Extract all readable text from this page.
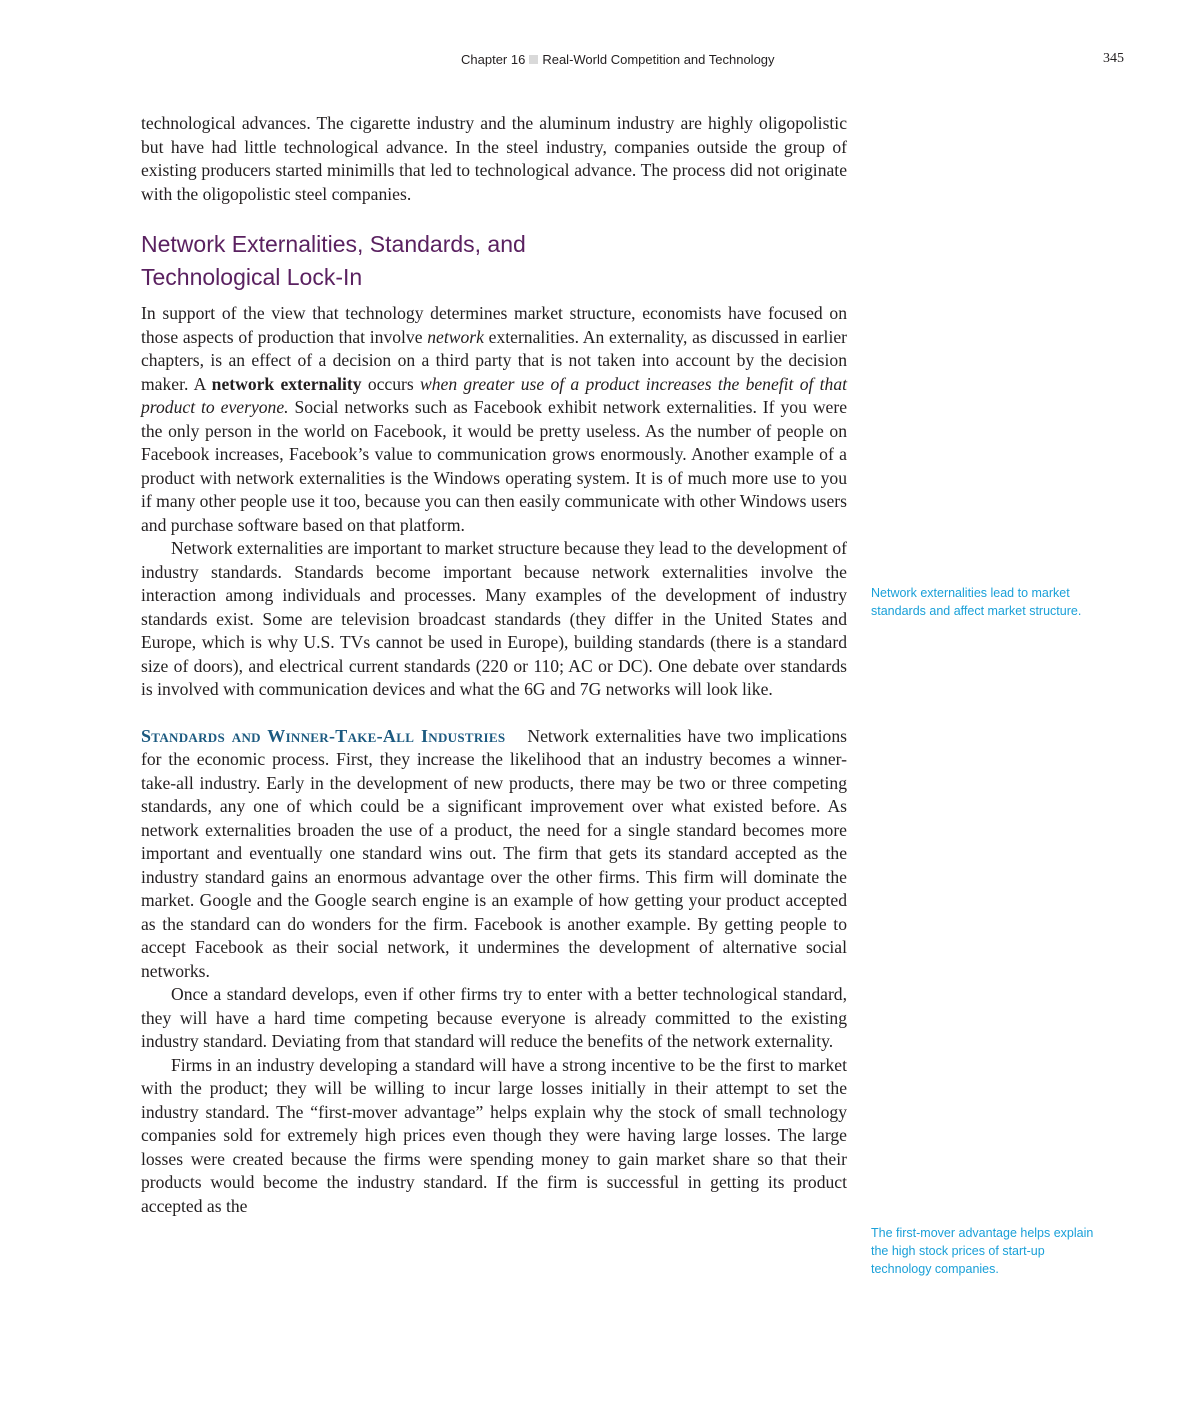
Chapter 16 Real-World Competition and Technology	345

technological advances. The cigarette industry and the aluminum industry are highly oligopolistic but have had little technological advance. In the steel industry, companies outside the group of existing producers started minimills that led to technological advance. The process did not originate with the oligopolistic steel companies.

Network Externalities, Standards, and Technological Lock-In

In support of the view that technology determines market structure, economists have focused on those aspects of production that involve network externalities. An externality, as discussed in earlier chapters, is an effect of a decision on a third party that is not taken into account by the decision maker. A network externality occurs when greater use of a product increases the benefit of that product to everyone. Social networks such as Facebook exhibit network externalities. If you were the only person in the world on Facebook, it would be pretty useless. As the number of people on Facebook increases, Facebook’s value to communication grows enormously. Another example of a product with network externalities is the Windows operating system. It is of much more use to you if many other people use it too, because you can then easily communicate with other Windows users and purchase software based on that platform.

Network externalities are important to market structure because they lead to the development of industry standards. Standards become important because network externalities involve the interaction among individuals and processes. Many examples of the development of industry standards exist. Some are television broadcast standards (they differ in the United States and Europe, which is why U.S. TVs cannot be used in Europe), building standards (there is a standard size of doors), and electrical current standards (220 or 110; AC or DC). One debate over standards is involved with communication devices and what the 6G and 7G networks will look like.

Standards and Winner-Take-All Industries Network externalities have two implications for the economic process. First, they increase the likelihood that an industry becomes a winner-take-all industry. Early in the development of new products, there may be two or three competing standards, any one of which could be a significant improvement over what existed before. As network externalities broaden the use of a product, the need for a single standard becomes more important and eventually one standard wins out. The firm that gets its standard accepted as the industry standard gains an enormous advantage over the other firms. This firm will dominate the market. Google and the Google search engine is an example of how getting your product accepted as the standard can do wonders for the firm. Facebook is another example. By getting people to accept Facebook as their social network, it undermines the development of alternative social networks.

Once a standard develops, even if other firms try to enter with a better technological standard, they will have a hard time competing because everyone is already committed to the existing industry standard. Deviating from that standard will reduce the benefits of the network externality.

Firms in an industry developing a standard will have a strong incentive to be the first to market with the product; they will be willing to incur large losses initially in their attempt to set the industry standard. The “first-mover advantage” helps explain why the stock of small technology companies sold for extremely high prices even though they were having large losses. The large losses were created because the firms were spending money to gain market share so that their products would become the industry standard. If the firm is successful in getting its product accepted as the

Network externalities lead to market standards and affect market structure.
The first-mover advantage helps explain the high stock prices of start-up technology companies.
